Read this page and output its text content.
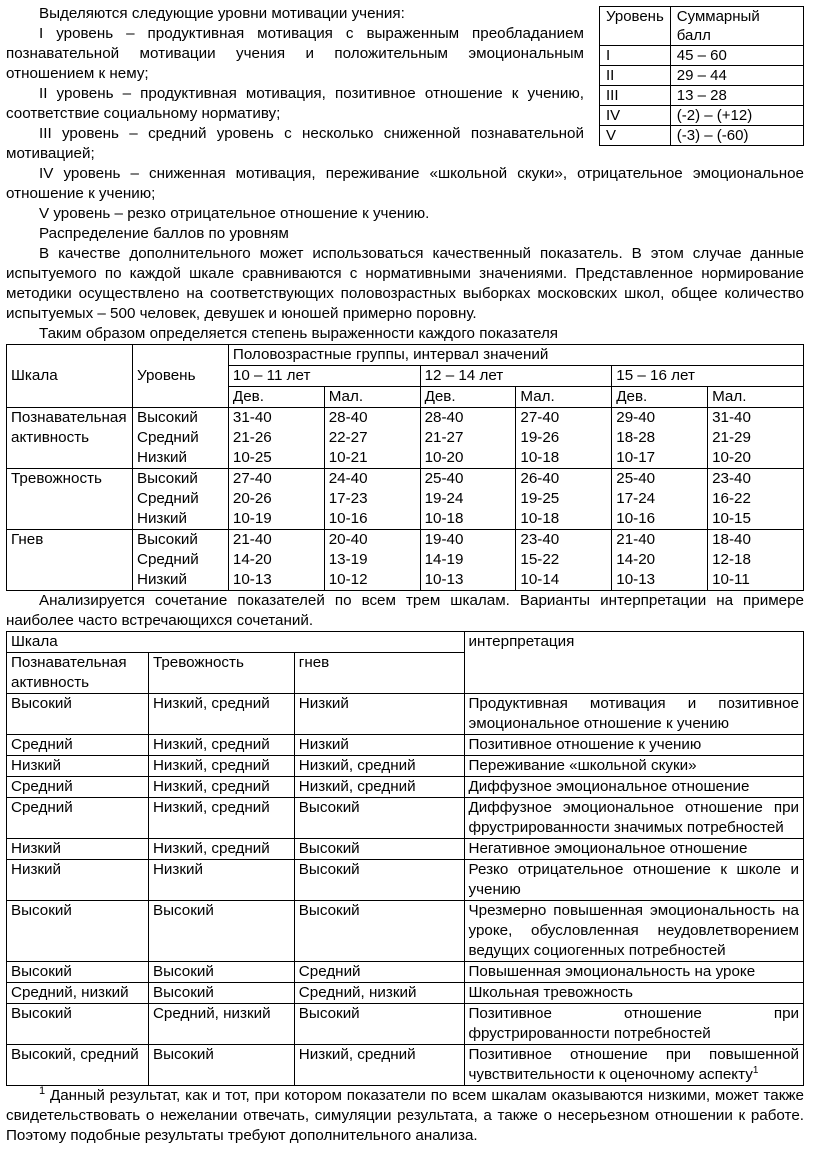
Уровень	Суммарный балл
I	45 – 60
II	29 – 44
III	13 – 28
IV	(-2) – (+12)
V	(-3) – (-60)

Выделяются следующие уровни мотивации учения:

I уровень – продуктивная мотивация с выраженным преобладанием познавательной мотивации учения и положительным эмоциональным отношением к нему;

II уровень – продуктивная мотивация, позитивное отношение к учению, соответствие социальному нормативу;

III уровень – средний уровень с несколько сниженной познавательной мотивацией;

IV уровень – сниженная мотивация, переживание «школьной скуки», отрицательное эмоциональное отношение к учению;

V уровень – резко отрицательное отношение к учению.

Распределение баллов по уровням

В качестве дополнительного может использоваться качественный показатель. В этом случае данные испытуемого по каждой шкале сравниваются с нормативными значениями. Представленное нормирование методики осуществлено на соответствующих половозрастных выборках московских школ, общее количество испытуемых – 500 человек, девушек и юношей примерно поровну.

Таким образом определяется степень выраженности каждого показателя

Шкала	Уровень	Половозрастные группы, интервал значений					
		10 – 11 лет		12 – 14 лет		15 – 16 лет	
		Дев.	Мал.	Дев.	Мал.	Дев.	Мал.
Познавательная активность	Высокий	31-40	28-40	28-40	27-40	29-40	31-40
	Средний	21-26	22-27	21-27	19-26	18-28	21-29
	Низкий	10-25	10-21	10-20	10-18	10-17	10-20
Тревожность	Высокий	27-40	24-40	25-40	26-40	25-40	23-40
	Средний	20-26	17-23	19-24	19-25	17-24	16-22
	Низкий	10-19	10-16	10-18	10-18	10-16	10-15
Гнев	Высокий	21-40	20-40	19-40	23-40	21-40	18-40
	Средний	14-20	13-19	14-19	15-22	14-20	12-18
	Низкий	10-13	10-12	10-13	10-14	10-13	10-11

Анализируется сочетание показателей по всем трем шкалам. Варианты интерпретации на примере наиболее часто встречающихся сочетаний.

Шкала			интерпретация
Познавательная активность	Тревожность	гнев	
Высокий	Низкий, средний	Низкий	Продуктивная мотивация и позитивное эмоциональное отношение к учению
Средний	Низкий, средний	Низкий	Позитивное отношение к учению
Низкий	Низкий, средний	Низкий, средний	Переживание «школьной скуки»
Средний	Низкий, средний	Низкий, средний	Диффузное эмоциональное отношение
Средний	Низкий, средний	Высокий	Диффузное эмоциональное отношение при фрустрированности значимых потребностей
Низкий	Низкий, средний	Высокий	Негативное эмоциональное отношение
Низкий	Низкий	Высокий	Резко отрицательное отношение к школе и учению
Высокий	Высокий	Высокий	Чрезмерно повышенная эмоциональность на уроке, обусловленная неудовлетворением ведущих социогенных потребностей
Высокий	Высокий	Средний	Повышенная эмоциональность на уроке
Средний, низкий	Высокий	Средний, низкий	Школьная тревожность
Высокий	Средний, низкий	Высокий	Позитивное отношение при фрустрированности потребностей
Высокий, средний	Высокий	Низкий, средний	Позитивное отношение при повышенной чувствительности к оценочному аспекту$^1$

$^1$ Данный результат, как и тот, при котором показатели по всем шкалам оказываются низкими, может также свидетельствовать о нежелании отвечать, симуляции результата, а также о несерьезном отношении к работе. Поэтому подобные результаты требуют дополнительного анализа.
